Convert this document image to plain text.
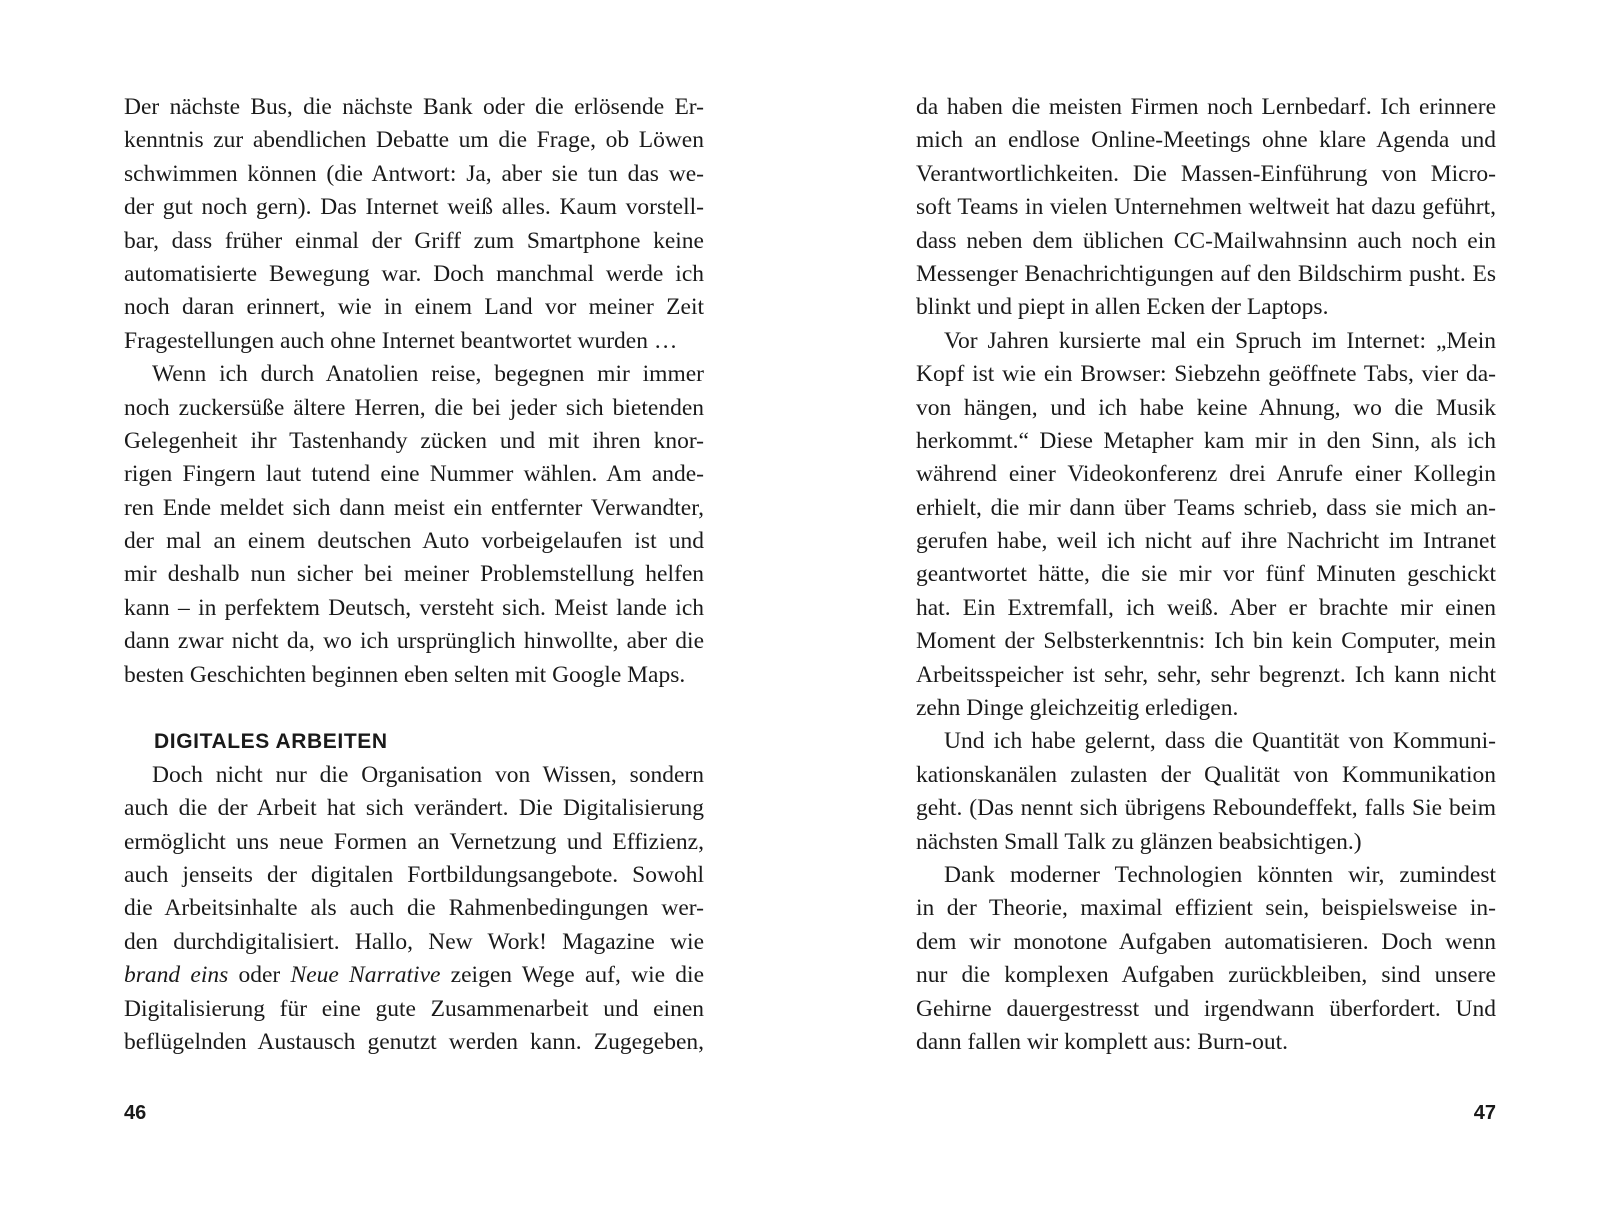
Der nächste Bus, die nächste Bank oder die erlösende Er-
kenntnis zur abendlichen Debatte um die Frage, ob Löwen
schwimmen können (die Antwort: Ja, aber sie tun das we-
der gut noch gern). Das Internet weiß alles. Kaum vorstell-
bar, dass früher einmal der Griff zum Smartphone keine
automatisierte Bewegung war. Doch manchmal werde ich
noch daran erinnert, wie in einem Land vor meiner Zeit
Fragestellungen auch ohne Internet beantwortet wurden …
Wenn ich durch Anatolien reise, begegnen mir immer
noch zuckersüße ältere Herren, die bei jeder sich bietenden
Gelegenheit ihr Tastenhandy zücken und mit ihren knor-
rigen Fingern laut tutend eine Nummer wählen. Am ande-
ren Ende meldet sich dann meist ein entfernter Verwandter,
der mal an einem deutschen Auto vorbeigelaufen ist und
mir deshalb nun sicher bei meiner Problemstellung helfen
kann – in perfektem Deutsch, versteht sich. Meist lande ich
dann zwar nicht da, wo ich ursprünglich hinwollte, aber die
besten Geschichten beginnen eben selten mit Google Maps.
DIGITALES ARBEITEN
Doch nicht nur die Organisation von Wissen, sondern
auch die der Arbeit hat sich verändert. Die Digitalisierung
ermöglicht uns neue Formen an Vernetzung und Effizienz,
auch jenseits der digitalen Fortbildungsangebote. Sowohl
die Arbeitsinhalte als auch die Rahmenbedingungen wer-
den durchdigitalisiert. Hallo, New Work! Magazine wie
brand eins oder Neue Narrative zeigen Wege auf, wie die
Digitalisierung für eine gute Zusammenarbeit und einen
beflügelnden Austausch genutzt werden kann. Zugegeben,
46
da haben die meisten Firmen noch Lernbedarf. Ich erinnere
mich an endlose Online-Meetings ohne klare Agenda und
Verantwortlichkeiten. Die Massen-Einführung von Micro-
soft Teams in vielen Unternehmen weltweit hat dazu geführt,
dass neben dem üblichen CC-Mailwahnsinn auch noch ein
Messenger Benachrichtigungen auf den Bildschirm pusht. Es
blinkt und piept in allen Ecken der Laptops.
Vor Jahren kursierte mal ein Spruch im Internet: „Mein
Kopf ist wie ein Browser: Siebzehn geöffnete Tabs, vier da-
von hängen, und ich habe keine Ahnung, wo die Musik
herkommt.“ Diese Metapher kam mir in den Sinn, als ich
während einer Videokonferenz drei Anrufe einer Kollegin
erhielt, die mir dann über Teams schrieb, dass sie mich an-
gerufen habe, weil ich nicht auf ihre Nachricht im Intranet
geantwortet hätte, die sie mir vor fünf Minuten geschickt
hat. Ein Extremfall, ich weiß. Aber er brachte mir einen
Moment der Selbsterkenntnis: Ich bin kein Computer, mein
Arbeitsspeicher ist sehr, sehr, sehr begrenzt. Ich kann nicht
zehn Dinge gleichzeitig erledigen.
Und ich habe gelernt, dass die Quantität von Kommuni-
kationskanälen zulasten der Qualität von Kommunikation
geht. (Das nennt sich übrigens Reboundeffekt, falls Sie beim
nächsten Small Talk zu glänzen beabsichtigen.)
Dank moderner Technologien könnten wir, zumindest
in der Theorie, maximal effizient sein, beispielsweise in-
dem wir monotone Aufgaben automatisieren. Doch wenn
nur die komplexen Aufgaben zurückbleiben, sind unsere
Gehirne dauergestresst und irgendwann überfordert. Und
dann fallen wir komplett aus: Burn-out.
47
